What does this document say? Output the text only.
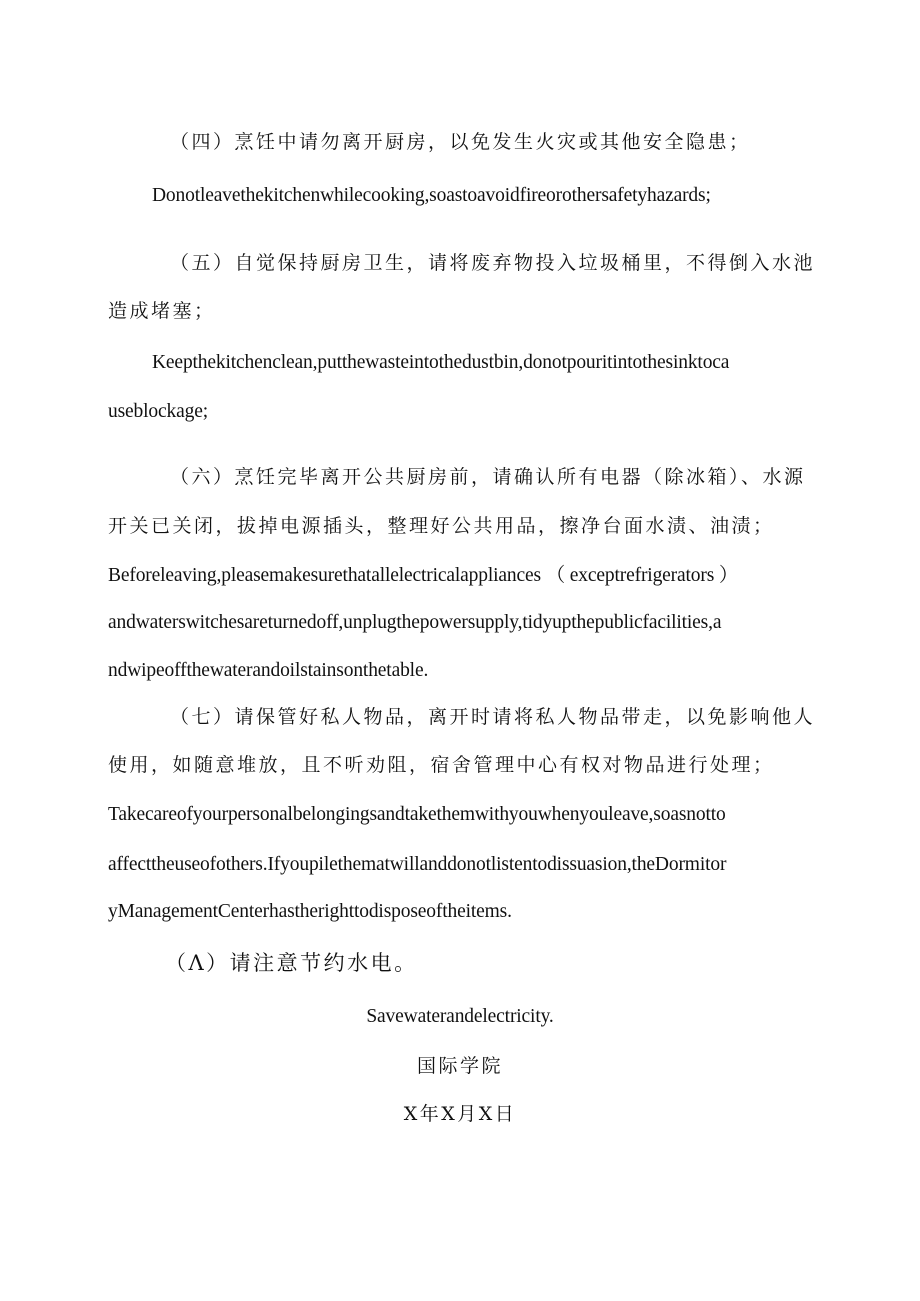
（四）烹饪中请勿离开厨房，以免发生火灾或其他安全隐患；
Donotleavethekitchenwhilecooking,soastoavoidfireorothersafetyhazards;
（五）自觉保持厨房卫生，请将废弃物投入垃圾桶里，不得倒入水池
造成堵塞；
Keepthekitchenclean,putthewasteintothedustbin,donotpouritintothesinktoca
useblockage;
（六）烹饪完毕离开公共厨房前，请确认所有电器（除冰箱）、水源
开关已关闭，拔掉电源插头，整理好公共用品，擦净台面水渍、油渍；
Beforeleaving,pleasemakesurethatallelectricalappliances （ exceptrefrigerators ）
andwaterswitchesareturnedoff,unplugthepowersupply,tidyupthepublicfacilities,a
ndwipeoffthewaterandoilstainsonthetable.
（七）请保管好私人物品，离开时请将私人物品带走，以免影响他人
使用，如随意堆放，且不听劝阻，宿舍管理中心有权对物品进行处理；
Takecareofyourpersonalbelongingsandtakethemwithyouwhenyouleave,soasnotto
affecttheuseofothers.Ifyoupilethematwillanddonotlistentodissuasion,theDormitor
yManagementCenterhastherighttodisposeoftheitems.
（Λ）请注意节约水电。
Savewaterandelectricity.
国际学院
X年X月X日
